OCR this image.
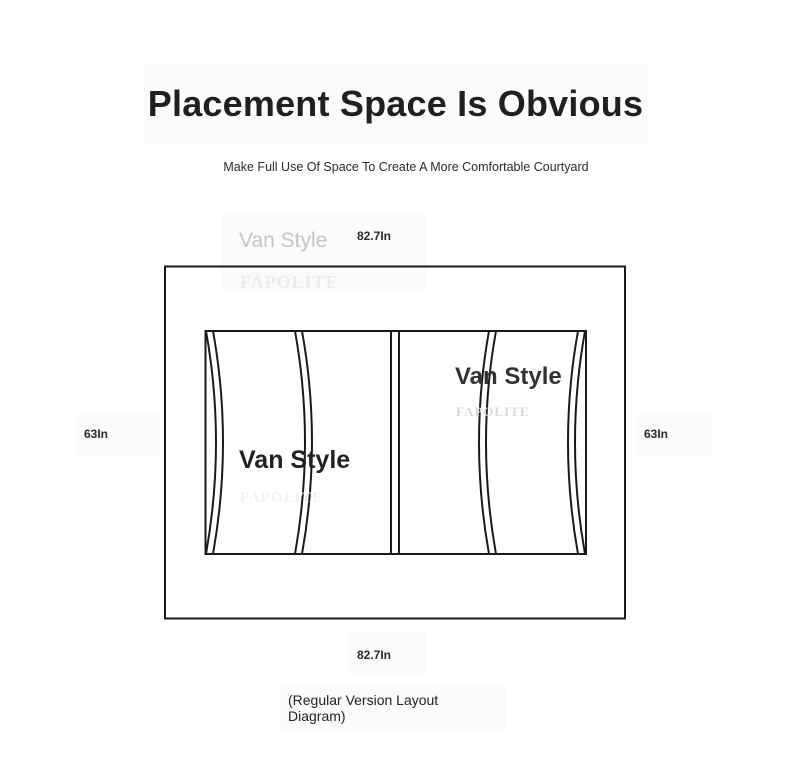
Placement Space Is Obvious
Make Full Use Of Space To Create A More Comfortable Courtyard
82.7In
82.7In
63In	63In
Van Style
FAPOLITE
Van Style
FAPOLITE
Van Style
FAPOLITE
(Regular Version Layout Diagram)
